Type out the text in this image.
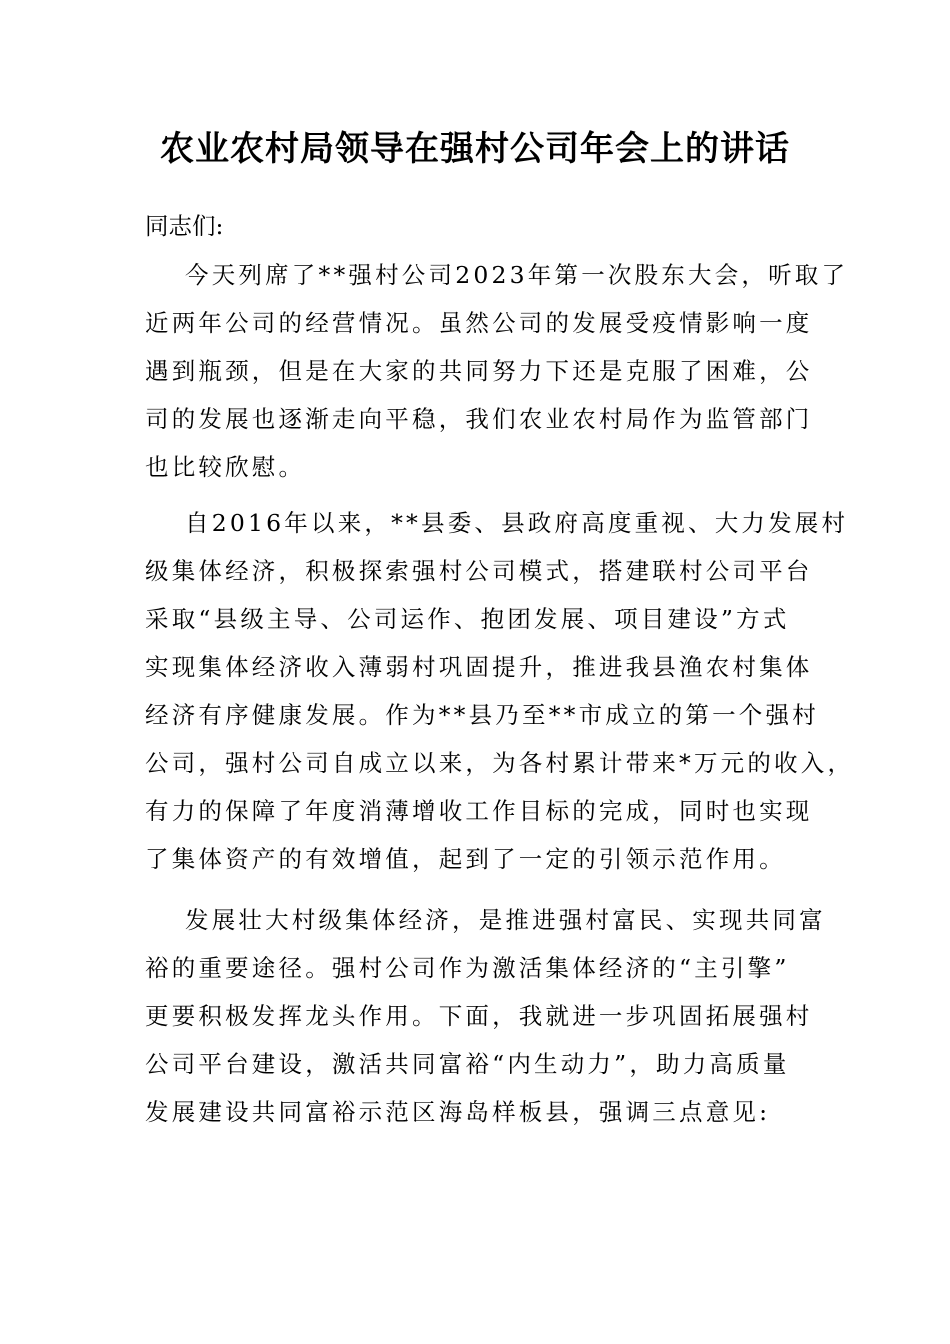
农业农村局领导在强村公司年会上的讲话
同志们:
今天列席了**强村公司2023年第一次股东大会，听取了
近两年公司的经营情况。虽然公司的发展受疫情影响一度
遇到瓶颈，但是在大家的共同努力下还是克服了困难，公
司的发展也逐渐走向平稳，我们农业农村局作为监管部门
也比较欣慰。
自2016年以来，**县委、县政府高度重视、大力发展村
级集体经济，积极探索强村公司模式，搭建联村公司平台
采取“县级主导、公司运作、抱团发展、项目建设”方式
实现集体经济收入薄弱村巩固提升，推进我县渔农村集体
经济有序健康发展。作为**县乃至**市成立的第一个强村
公司，强村公司自成立以来，为各村累计带来*万元的收入，
有力的保障了年度消薄增收工作目标的完成，同时也实现
了集体资产的有效增值，起到了一定的引领示范作用。
发展壮大村级集体经济，是推进强村富民、实现共同富
裕的重要途径。强村公司作为激活集体经济的“主引擎”
更要积极发挥龙头作用。下面，我就进一步巩固拓展强村
公司平台建设，激活共同富裕“内生动力”，助力高质量
发展建设共同富裕示范区海岛样板县，强调三点意见:
